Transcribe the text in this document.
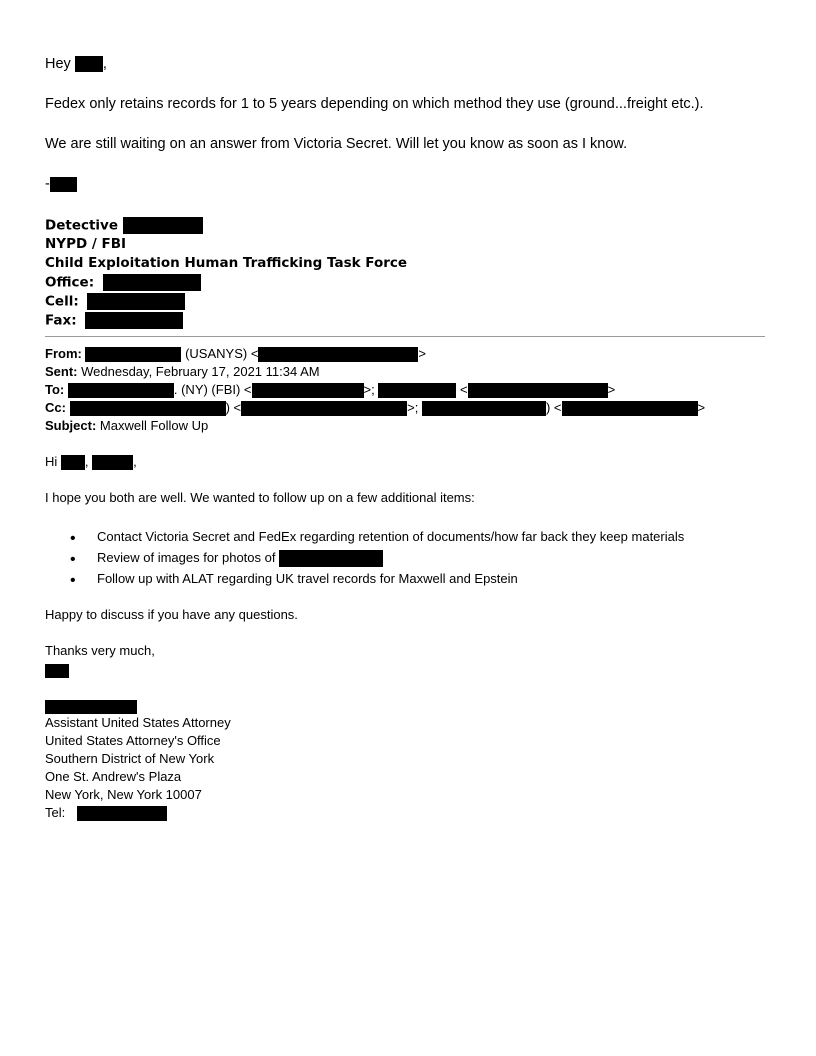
Hey ,
Fedex only retains records for 1 to 5 years depending on which method they use (ground...freight etc.).
We are still waiting on an answer from Victoria Secret. Will let you know as soon as I know.
-
Detective
NYPD / FBI
Child Exploitation Human Trafficking Task Force
Office:
Cell:
Fax:
From:	(USANYS) <	>
Sent: Wednesday, February 17, 2021 11:34 AM
To:	. (NY) (FBI) <	>;	<	>
Cc:	) <	>;	) <	>
Subject: Maxwell Follow Up
Hi ,	,
I hope you both are well. We wanted to follow up on a few additional items:
• Contact Victoria Secret and FedEx regarding retention of documents/how far back they keep materials
• Review of images for photos of
• Follow up with ALAT regarding UK travel records for Maxwell and Epstein
Happy to discuss if you have any questions.
Thanks very much,
Assistant United States Attorney
United States Attorney's Office
Southern District of New York
One St. Andrew's Plaza
New York, New York 10007
Tel:
